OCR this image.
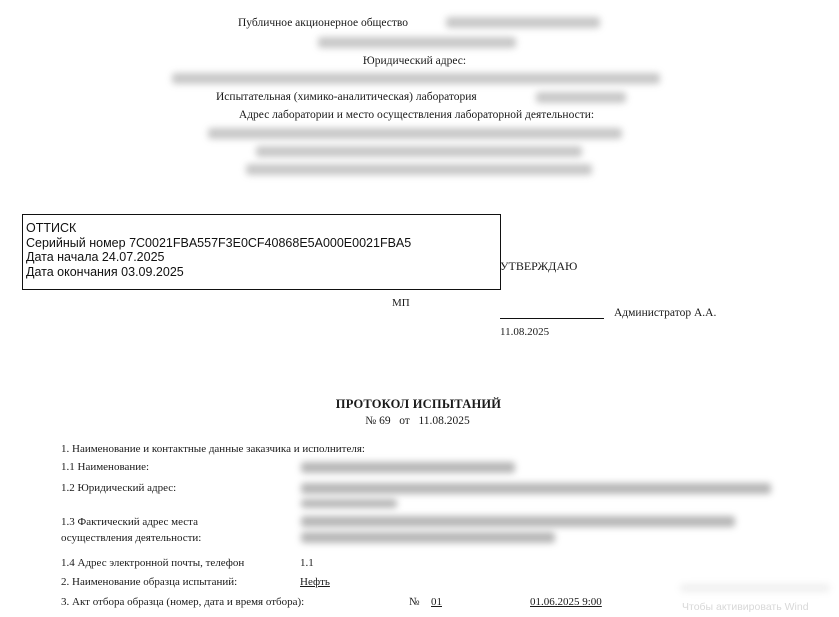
Публичное акционерное общество
Юридический адрес:
Испытательная (химико-аналитическая) лаборатория
Адрес лаборатории и место осуществления лабораторной деятельности:
ОТТИСК
Серийный номер 7С0021FBA557F3E0CF40868E5A000E0021FBA5
Дата начала 24.07.2025
Дата окончания 03.09.2025	УТВЕРЖДАЮ
МП
Администратор А.А.
11.08.2025
ПРОТОКОЛ ИСПЫТАНИЙ
№ 69   от   11.08.2025
1. Наименование и контактные данные заказчика и исполнителя:
1.1 Наименование:
1.2 Юридический адрес:
1.3 Фактический адрес места
осуществления деятельности:
1.4 Адрес электронной почты, телефон	1.1
2. Наименование образца испытаний:	Нефть
3. Акт отбора образца (номер, дата и время отбора):	№ 01	01.06.2025 9:00	Чтобы активировать Wind
